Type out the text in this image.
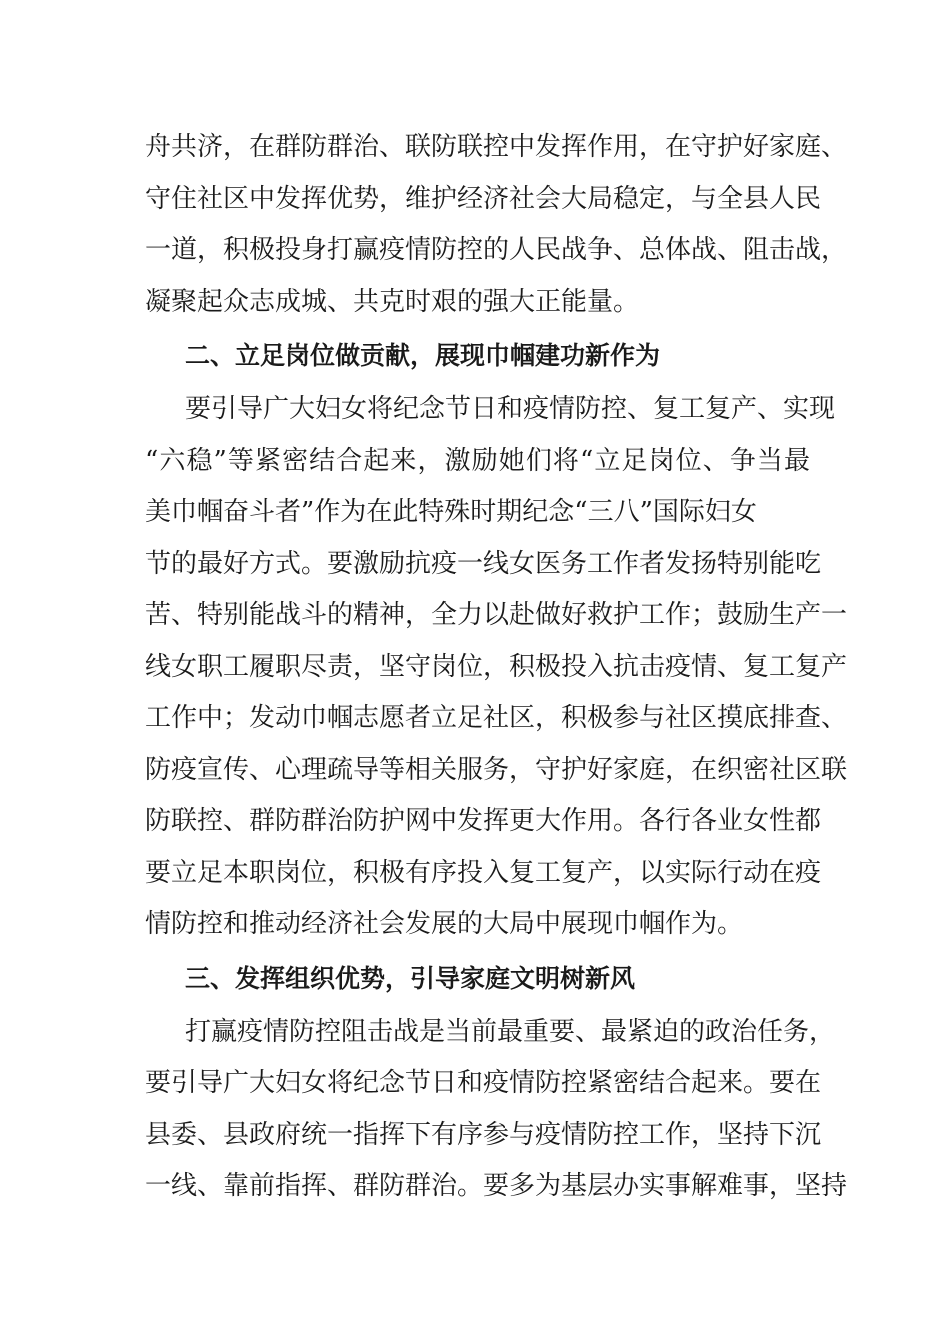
舟共济，在群防群治、联防联控中发挥作用，在守护好家庭、
守住社区中发挥优势，维护经济社会大局稳定，与全县人民
一道，积极投身打赢疫情防控的人民战争、总体战、阻击战，
凝聚起众志成城、共克时艰的强大正能量。
二、立足岗位做贡献，展现巾帼建功新作为
要引导广大妇女将纪念节日和疫情防控、复工复产、实现
“六稳”等紧密结合起来，激励她们将“立足岗位、争当最
美巾帼奋斗者”作为在此特殊时期纪念“三八”国际妇女
节的最好方式。要激励抗疫一线女医务工作者发扬特别能吃
苦、特别能战斗的精神，全力以赴做好救护工作；鼓励生产一
线女职工履职尽责，坚守岗位，积极投入抗击疫情、复工复产
工作中；发动巾帼志愿者立足社区，积极参与社区摸底排查、
防疫宣传、心理疏导等相关服务，守护好家庭，在织密社区联
防联控、群防群治防护网中发挥更大作用。各行各业女性都
要立足本职岗位，积极有序投入复工复产，以实际行动在疫
情防控和推动经济社会发展的大局中展现巾帼作为。
三、发挥组织优势，引导家庭文明树新风
打赢疫情防控阻击战是当前最重要、最紧迫的政治任务，
要引导广大妇女将纪念节日和疫情防控紧密结合起来。要在
县委、县政府统一指挥下有序参与疫情防控工作，坚持下沉
一线、靠前指挥、群防群治。要多为基层办实事解难事，坚持
